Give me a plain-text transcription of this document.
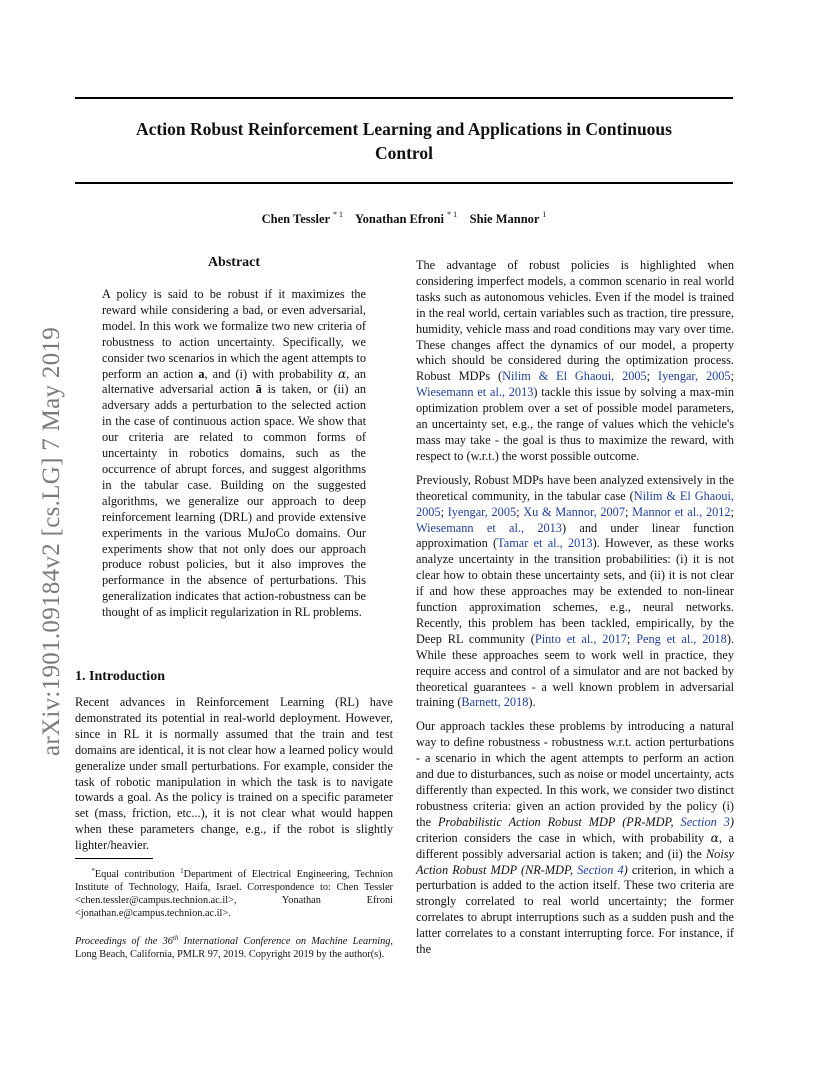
Action Robust Reinforcement Learning and Applications in Continuous
Control
Chen Tessler $^{* 1}$ Yonathan Efroni $^{* 1}$ Shie Mannor $^1$
arXiv:1901.09184v2 [cs.LG] 7 May 2019
Abstract

A policy is said to be robust if it maximizes the reward while considering a bad, or even adversarial, model. In this work we formalize two new criteria of robustness to action uncertainty. Specifically, we consider two scenarios in which the agent attempts to perform an action a, and (i) with probability α, an alternative adversarial action ā is taken, or (ii) an adversary adds a perturbation to the selected action in the case of continuous action space. We show that our criteria are related to common forms of uncertainty in robotics domains, such as the occurrence of abrupt forces, and suggest algorithms in the tabular case. Building on the suggested algorithms, we generalize our approach to deep reinforcement learning (DRL) and provide extensive experiments in the various MuJoCo domains. Our experiments show that not only does our approach produce robust policies, but it also improves the performance in the absence of perturbations. This generalization indicates that action-robustness can be thought of as implicit regularization in RL problems.

1. Introduction

Recent advances in Reinforcement Learning (RL) have demonstrated its potential in real-world deployment. However, since in RL it is normally assumed that the train and test domains are identical, it is not clear how a learned policy would generalize under small perturbations. For example, consider the task of robotic manipulation in which the task is to navigate towards a goal. As the policy is trained on a specific parameter set (mass, friction, etc...), it is not clear what would happen when these parameters change, e.g., if the robot is slightly lighter/heavier.

*Equal contribution $^1$Department of Electrical Engineering, Technion Institute of Technology, Haifa, Israel. Correspondence to: Chen Tessler <chen.tessler@campus.technion.ac.il>, Yonathan Efroni <jonathan.e@campus.technion.ac.il>.
Proceedings of the 36th International Conference on Machine Learning, Long Beach, California, PMLR 97, 2019. Copyright 2019 by the author(s).

The advantage of robust policies is highlighted when considering imperfect models, a common scenario in real world tasks such as autonomous vehicles. Even if the model is trained in the real world, certain variables such as traction, tire pressure, humidity, vehicle mass and road conditions may vary over time. These changes affect the dynamics of our model, a property which should be considered during the optimization process. Robust MDPs (Nilim & El Ghaoui, 2005; Iyengar, 2005; Wiesemann et al., 2013) tackle this issue by solving a max-min optimization problem over a set of possible model parameters, an uncertainty set, e.g., the range of values which the vehicle's mass may take - the goal is thus to maximize the reward, with respect to (w.r.t.) the worst possible outcome.

Previously, Robust MDPs have been analyzed extensively in the theoretical community, in the tabular case (Nilim & El Ghaoui, 2005; Iyengar, 2005; Xu & Mannor, 2007; Mannor et al., 2012; Wiesemann et al., 2013) and under linear function approximation (Tamar et al., 2013). However, as these works analyze uncertainty in the transition probabilities: (i) it is not clear how to obtain these uncertainty sets, and (ii) it is not clear if and how these approaches may be extended to non-linear function approximation schemes, e.g., neural networks. Recently, this problem has been tackled, empirically, by the Deep RL community (Pinto et al., 2017; Peng et al., 2018). While these approaches seem to work well in practice, they require access and control of a simulator and are not backed by theoretical guarantees - a well known problem in adversarial training (Barnett, 2018).

Our approach tackles these problems by introducing a natural way to define robustness - robustness w.r.t. action perturbations - a scenario in which the agent attempts to perform an action and due to disturbances, such as noise or model uncertainty, acts differently than expected. In this work, we consider two distinct robustness criteria: given an action provided by the policy (i) the Probabilistic Action Robust MDP (PR-MDP, Section 3) criterion considers the case in which, with probability α, a different possibly adversarial action is taken; and (ii) the Noisy Action Robust MDP (NR-MDP, Section 4) criterion, in which a perturbation is added to the action itself. These two criteria are strongly correlated to real world uncertainty; the former correlates to abrupt interruptions such as a sudden push and the latter correlates to a constant interrupting force. For instance, if the
